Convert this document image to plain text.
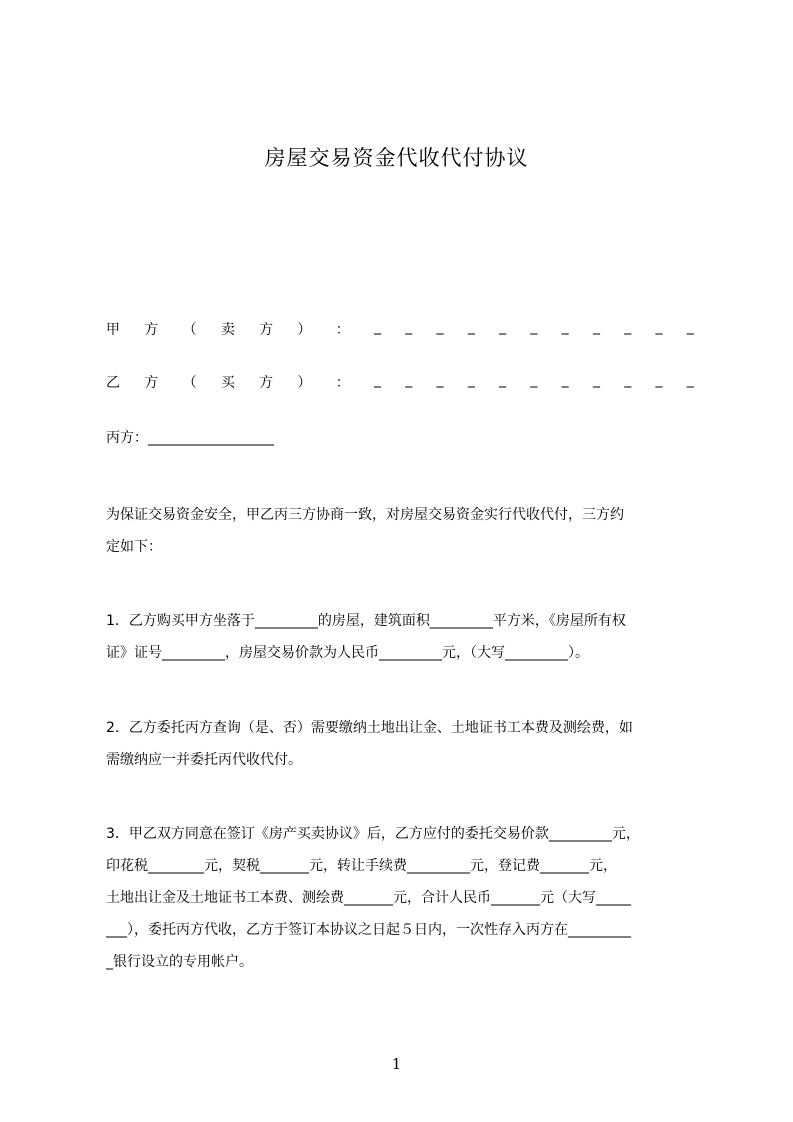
房屋交易资金代收代付协议
甲 方 （ 卖 方 ） ： _ _ _ _ _ _ _ _ _ _ _
乙 方 （ 买 方 ） ： _ _ _ _ _ _ _ _ _ _ _
丙方：__________________
为保证交易资金安全，甲乙丙三方协商一致，对房屋交易资金实行代收代付，三方约
定如下：
1．乙方购买甲方坐落于_________的房屋，建筑面积_________平方米，《房屋所有权
证》证号_________，房屋交易价款为人民币_________元，（大写_________）。
2．乙方委托丙方查询（是、否）需要缴纳土地出让金、土地证书工本费及测绘费，如
需缴纳应一并委托丙代收代付。
3．甲乙双方同意在签订《房产买卖协议》后，乙方应付的委托交易价款_________元，
印花税________元，契税_______元，转让手续费_________元，登记费_______元，
土地出让金及土地证书工本费、测绘费_______元，合计人民币_______元（大写_____
___），委托丙方代收，乙方于签订本协议之日起５日内，一次性存入丙方在_________
_银行设立的专用帐户。
1
